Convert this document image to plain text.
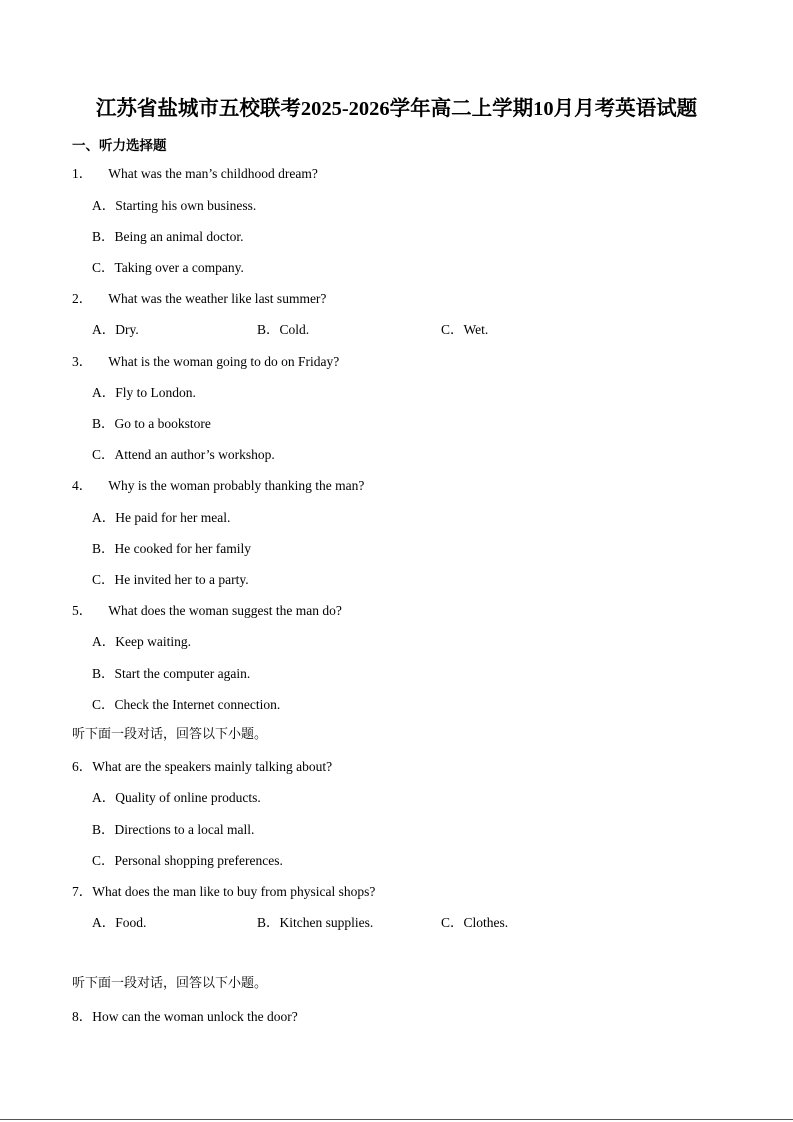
江苏省盐城市五校联考2025-2026学年高二上学期10月月考英语试题
一、听力选择题
1． What was the man’s childhood dream?
A．Starting his own business.
B．Being an animal doctor.
C．Taking over a company.
2． What was the weather like last summer?
A．Dry.	B．Cold.	C．Wet.
3． What is the woman going to do on Friday?
A．Fly to London.
B．Go to a bookstore
C．Attend an author’s workshop.
4． Why is the woman probably thanking the man?
A．He paid for her meal.
B．He cooked for her family
C．He invited her to a party.
5． What does the woman suggest the man do?
A．Keep waiting.
B．Start the computer again.
C．Check the Internet connection.
听下面一段对话，回答以下小题。
6．What are the speakers mainly talking about?
A．Quality of online products.
B．Directions to a local mall.
C．Personal shopping preferences.
7．What does the man like to buy from physical shops?
A．Food.	B．Kitchen supplies.	C．Clothes.
听下面一段对话，回答以下小题。
8．How can the woman unlock the door?
